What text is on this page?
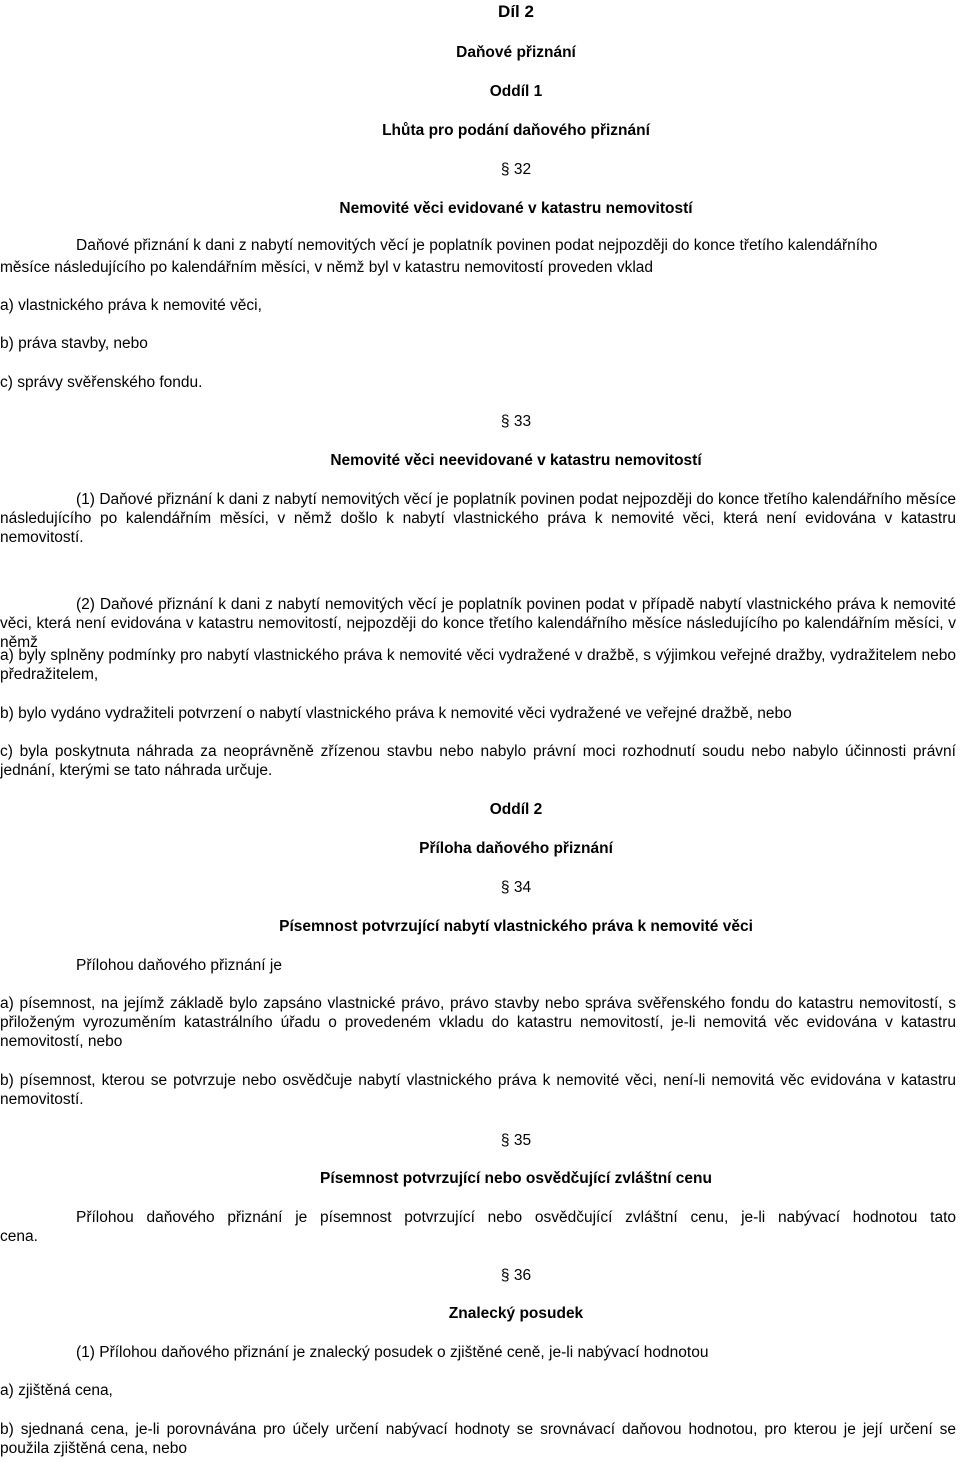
Díl 2
Daňové přiznání
Oddíl 1
Lhůta pro podání daňového přiznání
§ 32
Nemovité věci evidované v katastru nemovitostí
Daňové přiznání k dani z nabytí nemovitých věcí je poplatník povinen podat nejpozději do konce třetího kalendářního
měsíce následujícího po kalendářním měsíci, v němž byl v katastru nemovitostí proveden vklad
a) vlastnického práva k nemovité věci,
b) práva stavby, nebo
c) správy svěřenského fondu.
§ 33
Nemovité věci neevidované v katastru nemovitostí
(1) Daňové přiznání k dani z nabytí nemovitých věcí je poplatník povinen podat nejpozději do konce třetího kalendářního měsíce následujícího po kalendářním měsíci, v němž došlo k nabytí vlastnického práva k nemovité věci, která není evidována v katastru nemovitostí.
(2) Daňové přiznání k dani z nabytí nemovitých věcí je poplatník povinen podat v případě nabytí vlastnického práva k nemovité věci, která není evidována v katastru nemovitostí, nejpozději do konce třetího kalendářního měsíce následujícího po kalendářním měsíci, v němž
a) byly splněny podmínky pro nabytí vlastnického práva k nemovité věci vydražené v dražbě, s výjimkou veřejné dražby, vydražitelem nebo předražitelem,
b) bylo vydáno vydražiteli potvrzení o nabytí vlastnického práva k nemovité věci vydražené ve veřejné dražbě, nebo
c) byla poskytnuta náhrada za neoprávněně zřízenou stavbu nebo nabylo právní moci rozhodnutí soudu nebo nabylo účinnosti právní jednání, kterými se tato náhrada určuje.
Oddíl 2
Příloha daňového přiznání
§ 34
Písemnost potvrzující nabytí vlastnického práva k nemovité věci
Přílohou daňového přiznání je
a) písemnost, na jejímž základě bylo zapsáno vlastnické právo, právo stavby nebo správa svěřenského fondu do katastru nemovitostí, s přiloženým vyrozuměním katastrálního úřadu o provedeném vkladu do katastru nemovitostí, je-li nemovitá věc evidována v katastru nemovitostí, nebo
b) písemnost, kterou se potvrzuje nebo osvědčuje nabytí vlastnického práva k nemovité věci, není-li nemovitá věc evidována v katastru nemovitostí.
§ 35
Písemnost potvrzující nebo osvědčující zvláštní cenu
Přílohou daňového přiznání je písemnost potvrzující nebo osvědčující zvláštní cenu, je-li nabývací hodnotou tato
cena.
§ 36
Znalecký posudek
(1) Přílohou daňového přiznání je znalecký posudek o zjištěné ceně, je-li nabývací hodnotou
a) zjištěná cena,
b) sjednaná cena, je-li porovnávána pro účely určení nabývací hodnoty se srovnávací daňovou hodnotou, pro kterou je její určení se použila zjištěná cena, nebo
